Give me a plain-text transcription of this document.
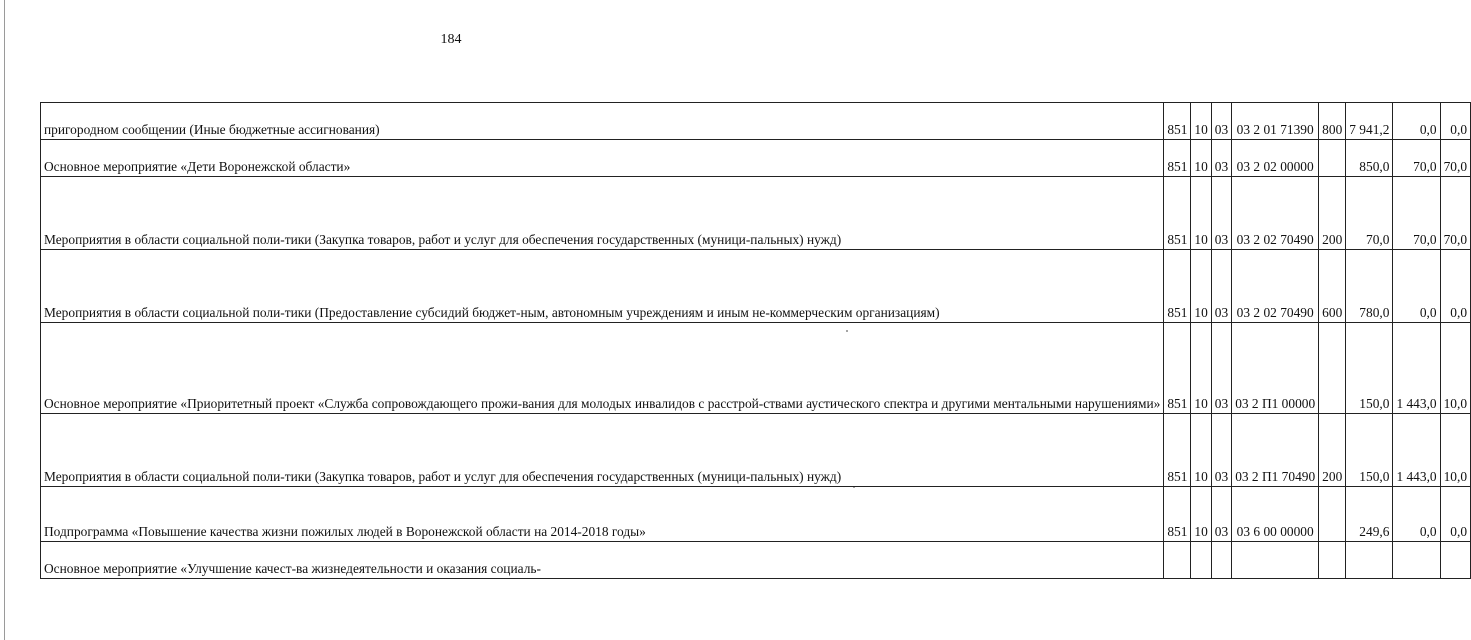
184
пригородном сообщении (Иные бюджетные ассигнования)	851	10	03	03 2 01 71390	800	7 941,2	0,0	0,0
Основное мероприятие «Дети Воронежской области»	851	10	03	03 2 02 00000		850,0	70,0	70,0
Мероприятия в области социальной поли-тики (Закупка товаров, работ и услуг для обеспечения государственных (муници-пальных) нужд)	851	10	03	03 2 02 70490	200	70,0	70,0	70,0
Мероприятия в области социальной поли-тики (Предоставление субсидий бюджет-ным, автономным учреждениям и иным не-коммерческим организациям)	851	10	03	03 2 02 70490	600	780,0	0,0	0,0
Основное мероприятие «Приоритетный проект «Служба сопровождающего прожи-вания для молодых инвалидов с расстрой-ствами аустического спектра и другими ментальными нарушениями»	851	10	03	03 2 П1 00000		150,0	1 443,0	10,0
Мероприятия в области социальной поли-тики (Закупка товаров, работ и услуг для обеспечения государственных (муници-пальных) нужд)	851	10	03	03 2 П1 70490	200	150,0	1 443,0	10,0
Подпрограмма «Повышение качества жизни пожилых людей в Воронежской области на 2014-2018 годы»	851	10	03	03 6 00 00000		249,6	0,0	0,0
Основное мероприятие «Улучшение качест-ва жизнедеятельности и оказания социаль-								
